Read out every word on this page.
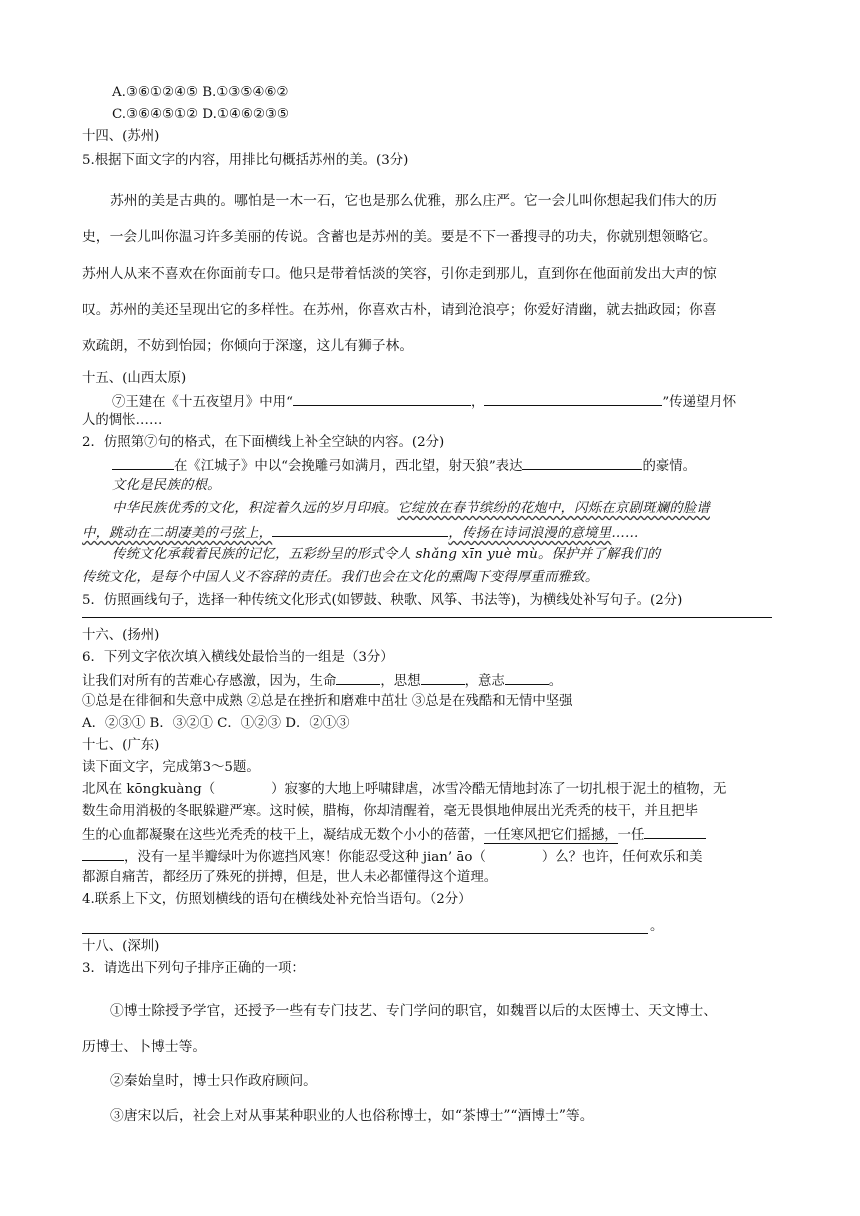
A.③⑥①②④⑤ B.①③⑤④⑥②
C.③⑥④⑤①② D.①④⑥②③⑤
十四、(苏州)
5.根据下面文字的内容，用排比句概括苏州的美。(3分)
苏州的美是古典的。哪怕是一木一石，它也是那么优雅，那么庄严。它一会儿叫你想起我们伟大的历
史，一会儿叫你温习许多美丽的传说。含蓄也是苏州的美。要是不下一番搜寻的功夫，你就别想领略它。
苏州人从来不喜欢在你面前专口。他只是带着恬淡的笑容，引你走到那儿，直到你在他面前发出大声的惊
叹。苏州的美还呈现出它的多样性。在苏州，你喜欢古朴，请到沧浪亭；你爱好清幽，就去拙政园；你喜
欢疏朗，不妨到怡园；你倾向于深邃，这儿有狮子林。
十五、(山西太原)
⑦王建在《十五夜望月》中用“	，	”传递望月怀
人的惆怅……
2．仿照第⑦句的格式，在下面横线上补全空缺的内容。(2分)
在《江城子》中以“会挽雕弓如满月，西北望，射天狼”表达	的豪情。
文化是民族的根。
中华民族优秀的文化，积淀着久远的岁月印痕。它绽放在春节缤纷的花炮中，闪烁在京剧斑斓的脸谱
中，跳动在二胡凄美的弓弦上，	，传扬在诗词浪漫的意境里……
传统文化承载着民族的记忆，五彩纷呈的形式令人 shǎng xīn yuè mù。保护并了解我们的
传统文化，是每个中国人义不容辞的责任。我们也会在文化的熏陶下变得厚重而雅致。
5．仿照画线句子，选择一种传统文化形式(如锣鼓、秧歌、风筝、书法等)，为横线处补写句子。(2分)
十六、(扬州)
6．下列文字依次填入横线处最恰当的一组是（3分）
让我们对所有的苦难心存感激，因为，生命	，思想	，意志	。
①总是在徘徊和失意中成熟 ②总是在挫折和磨难中茁壮 ③总是在残酷和无情中坚强
A．②③① B．③②① C．①②③ D．②①③
十七、(广东)
读下面文字，完成第3～5题。
北风在 kōngkuàng（	）寂寥的大地上呼啸肆虐，冰雪冷酷无情地封冻了一切扎根于泥土的植物，无
数生命用消极的冬眠躲避严寒。这时候，腊梅，你却清醒着，毫无畏惧地伸展出光秃秃的枝干，并且把毕
生的心血都凝聚在这些光秃秃的枝干上，凝结成无数个小小的蓓蕾，一任寒风把它们摇撼，一任
，没有一星半瓣绿叶为你遮挡风寒！你能忍受这种 jian’ āo（	）么？也许，任何欢乐和美
都源自痛苦，都经历了殊死的拼搏，但是，世人未必都懂得这个道理。
4.联系上下文，仿照划横线的语句在横线处补充恰当语句。（2分）
。
十八、(深圳)
3．请选出下列句子排序正确的一项：
①博士除授予学官，还授予一些有专门技艺、专门学问的职官，如魏晋以后的太医博士、天文博士、
历博士、卜博士等。
②秦始皇时，博士只作政府顾问。
③唐宋以后，社会上对从事某种职业的人也俗称博士，如“茶博士”“酒博士”等。
